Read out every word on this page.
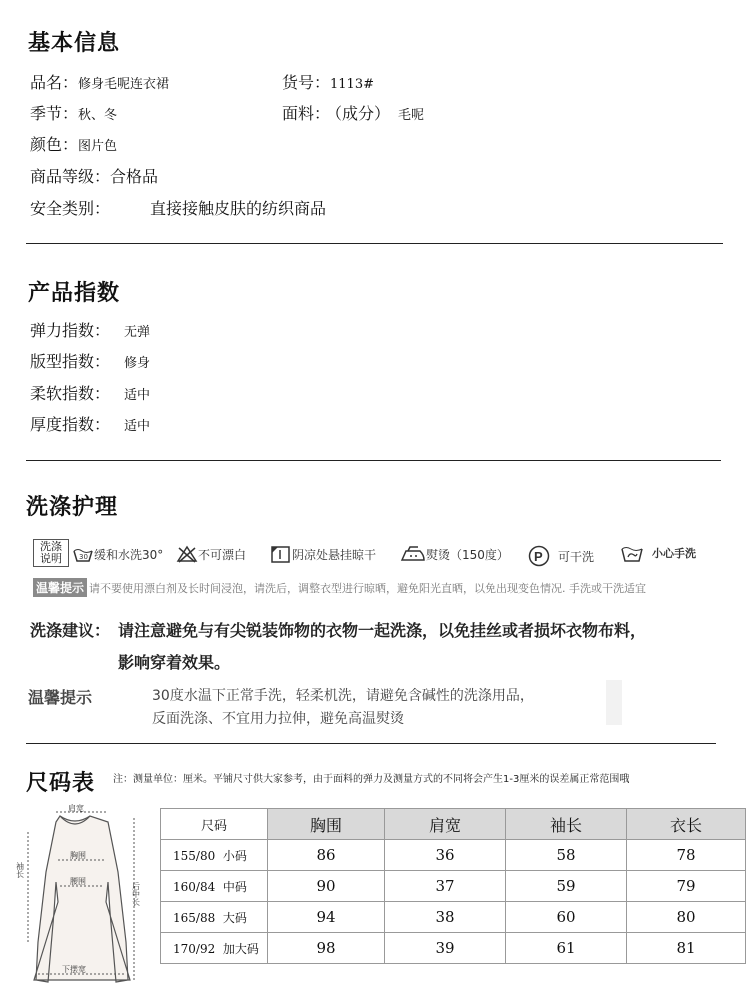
基本信息
品名：修身毛呢连衣裙	货号：1113#
季节：秋、冬	面料： （成分） 毛呢
颜色：图片色
商品等级：合格品
安全类别：	直接接触皮肤的纺织商品
产品指数
弹力指数： 无弹
版型指数： 修身
柔软指数： 适中
厚度指数： 适中
洗涤护理
洗涤
说明	30 缓和水洗30°	不可漂白	阴凉处悬挂晾干	熨烫（150度） P 可干洗	小心手洗
温馨提示 请不要使用漂白剂及长时间浸泡，请洗后，调整衣型进行晾晒，避免阳光直晒，以免出现变色情况. 手洗或干洗适宜
洗涤建议： 请注意避免与有尖锐装饰物的衣物一起洗涤，以免挂丝或者损坏衣物布料，
影响穿着效果。
温馨提示	30度水温下正常手洗，轻柔机洗，请避免含碱性的洗涤用品，
反面洗涤、不宜用力拉伸，避免高温熨烫
尺码表 注：测量单位：厘米。平铺尺寸供大家参考，由于面料的弹力及测量方式的不同将会产生1-3厘米的误差属正常范围哦
肩宽
胸围
腰围
下摆宽
后中长
袖长
尺码	胸围	肩宽	袖长	衣长
155/80 小码	86	36	58	78
160/84 中码	90	37	59	79
165/88 大码	94	38	60	80
170/92 加大码	98	39	61	81
